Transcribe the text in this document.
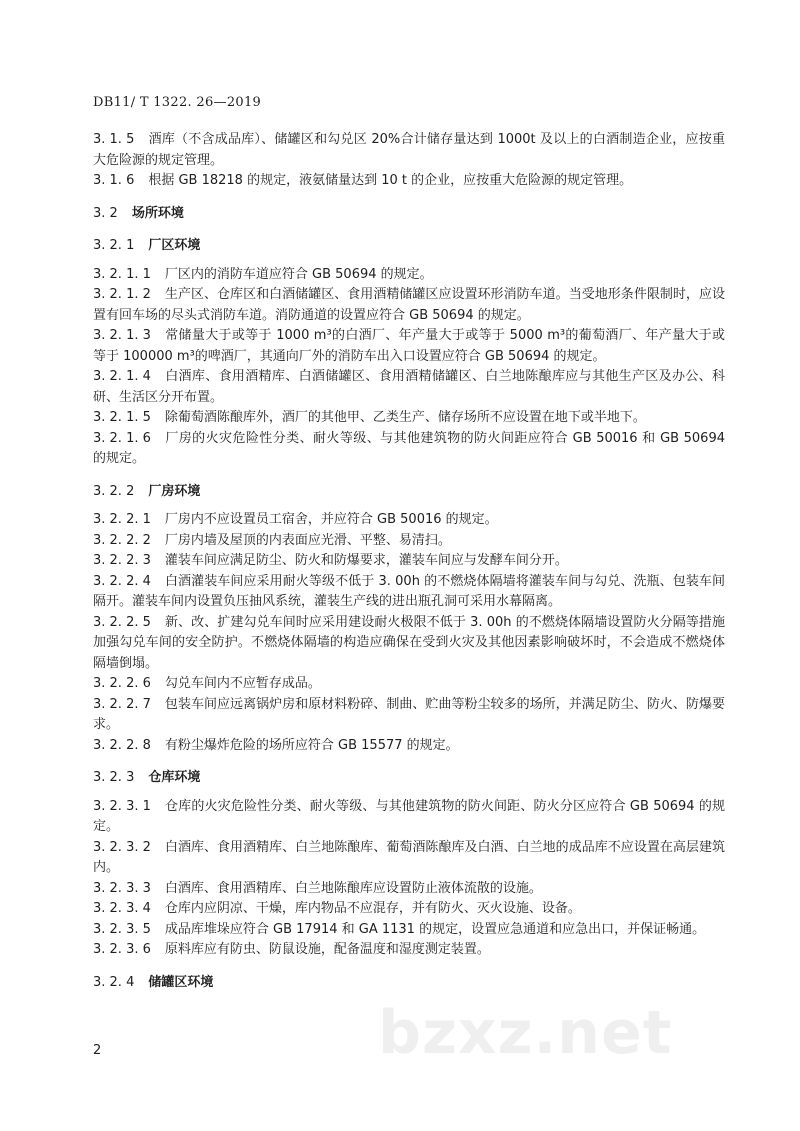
DB11/ T 1322. 26—2019
3. 1. 5 酒库（不含成品库）、储罐区和勾兑区 20%合计储存量达到 1000t 及以上的白酒制造企业，应按重大危险源的规定管理。
3. 1. 6 根据 GB 18218 的规定，液氨储量达到 10 t 的企业，应按重大危险源的规定管理。
3. 2 场所环境
3. 2. 1 厂区环境
3. 2. 1. 1 厂区内的消防车道应符合 GB 50694 的规定。
3. 2. 1. 2 生产区、仓库区和白酒储罐区、食用酒精储罐区应设置环形消防车道。当受地形条件限制时，应设置有回车场的尽头式消防车道。消防通道的设置应符合 GB 50694 的规定。
3. 2. 1. 3 常储量大于或等于 1000 m³的白酒厂、年产量大于或等于 5000 m³的葡萄酒厂、年产量大于或等于 100000 m³的啤酒厂，其通向厂外的消防车出入口设置应符合 GB 50694 的规定。
3. 2. 1. 4 白酒库、食用酒精库、白酒储罐区、食用酒精储罐区、白兰地陈酿库应与其他生产区及办公、科研、生活区分开布置。
3. 2. 1. 5 除葡萄酒陈酿库外，酒厂的其他甲、乙类生产、储存场所不应设置在地下或半地下。
3. 2. 1. 6 厂房的火灾危险性分类、耐火等级、与其他建筑物的防火间距应符合 GB 50016 和 GB 50694 的规定。
3. 2. 2 厂房环境
3. 2. 2. 1 厂房内不应设置员工宿舍，并应符合 GB 50016 的规定。
3. 2. 2. 2 厂房内墙及屋顶的内表面应光滑、平整、易清扫。
3. 2. 2. 3 灌装车间应满足防尘、防火和防爆要求，灌装车间应与发酵车间分开。
3. 2. 2. 4 白酒灌装车间应采用耐火等级不低于 3. 00h 的不燃烧体隔墙将灌装车间与勾兑、洗瓶、包装车间隔开。灌装车间内设置负压抽风系统，灌装生产线的进出瓶孔洞可采用水幕隔离。
3. 2. 2. 5 新、改、扩建勾兑车间时应采用建设耐火极限不低于 3. 00h 的不燃烧体隔墙设置防火分隔等措施加强勾兑车间的安全防护。不燃烧体隔墙的构造应确保在受到火灾及其他因素影响破坏时，不会造成不燃烧体隔墙倒塌。
3. 2. 2. 6 勾兑车间内不应暂存成品。
3. 2. 2. 7 包装车间应远离锅炉房和原材料粉碎、制曲、贮曲等粉尘较多的场所，并满足防尘、防火、防爆要求。
3. 2. 2. 8 有粉尘爆炸危险的场所应符合 GB 15577 的规定。
3. 2. 3 仓库环境
3. 2. 3. 1 仓库的火灾危险性分类、耐火等级、与其他建筑物的防火间距、防火分区应符合 GB 50694 的规定。
3. 2. 3. 2 白酒库、食用酒精库、白兰地陈酿库、葡萄酒陈酿库及白酒、白兰地的成品库不应设置在高层建筑内。
3. 2. 3. 3 白酒库、食用酒精库、白兰地陈酿库应设置防止液体流散的设施。
3. 2. 3. 4 仓库内应阴凉、干燥，库内物品不应混存，并有防火、灭火设施、设备。
3. 2. 3. 5 成品库堆垛应符合 GB 17914 和 GA 1131 的规定，设置应急通道和应急出口，并保证畅通。
3. 2. 3. 6 原料库应有防虫、防鼠设施，配备温度和湿度测定装置。
3. 2. 4 储罐区环境
bzxz.net
2
